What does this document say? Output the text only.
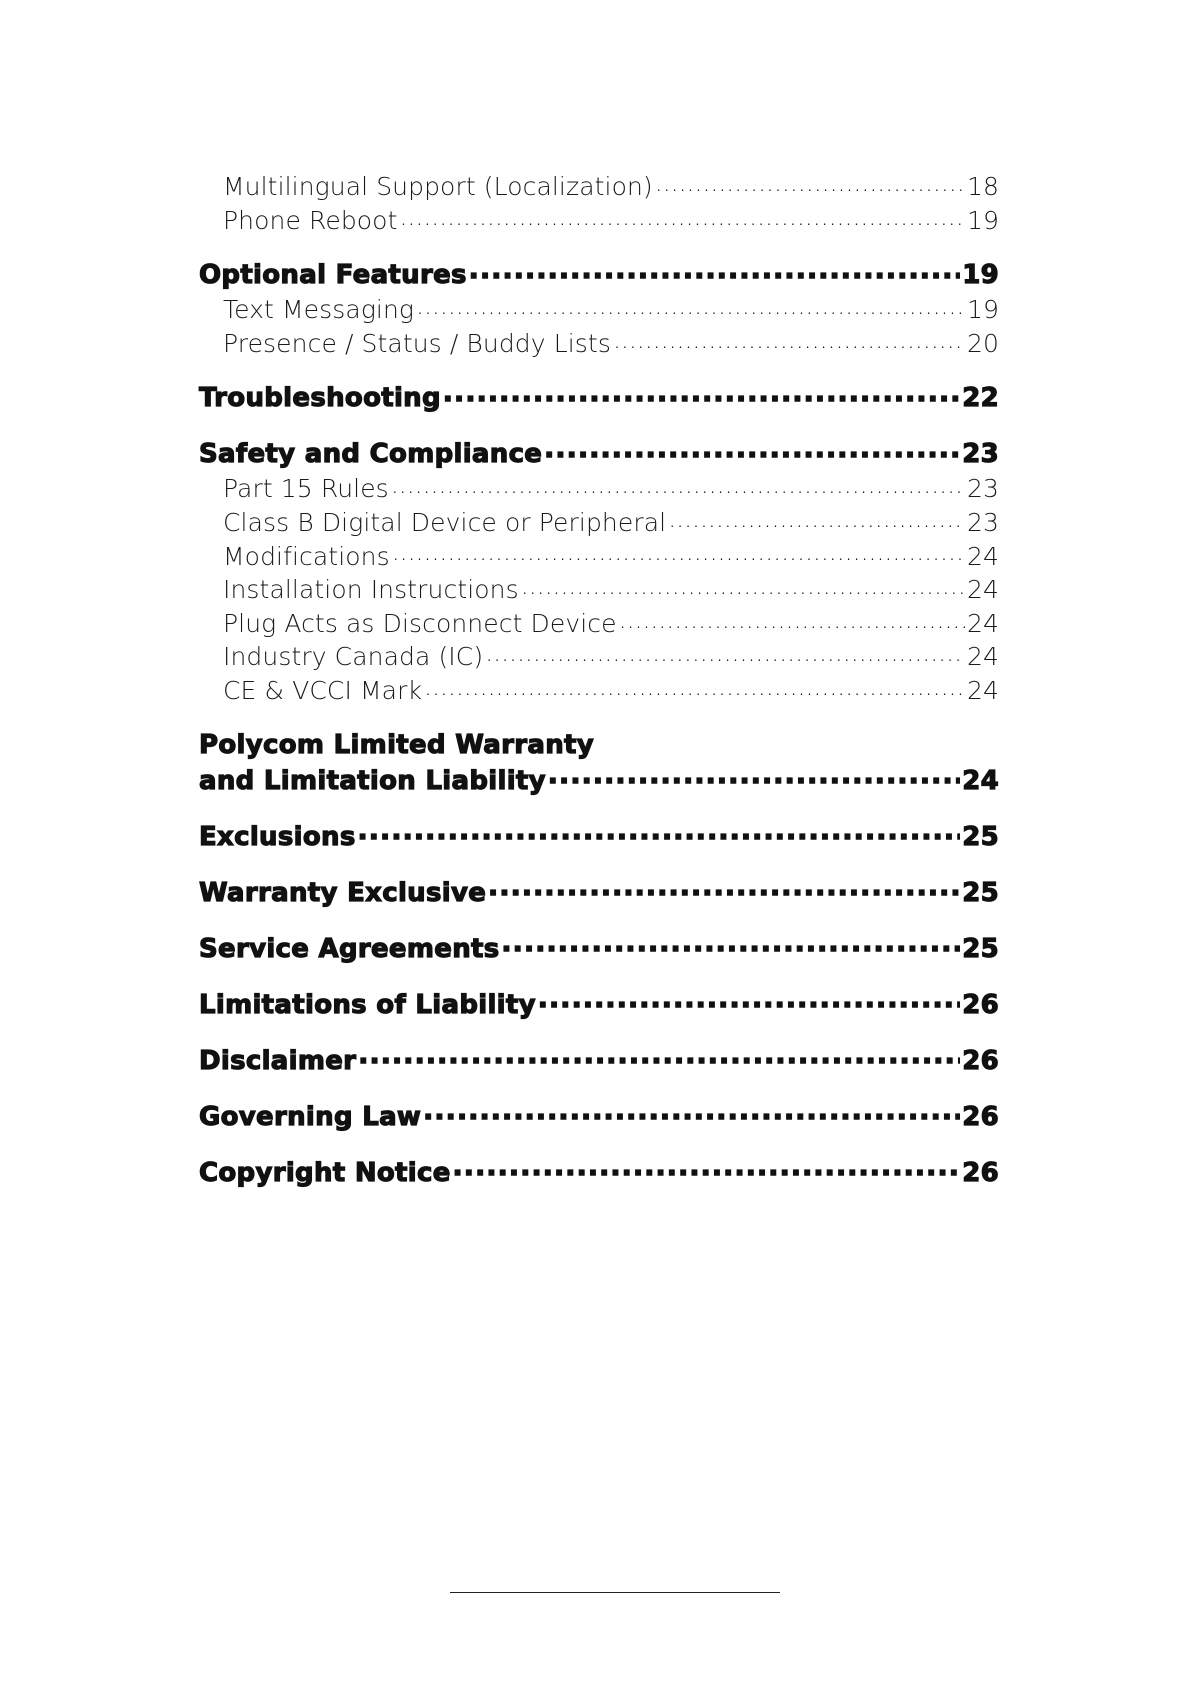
Multilingual Support (Localization) .....	18
Phone Reboot .....	19
Optional Features .....	19
Text Messaging .....	19
Presence / Status / Buddy Lists .....	20
Troubleshooting .....	22
Safety and Compliance .....	23
Part 15 Rules .....	23
Class B Digital Device or Peripheral .....	23
Modifications .....	24
Installation Instructions .....	24
Plug Acts as Disconnect Device .....	24
Industry Canada (IC) .....	24
CE & VCCI Mark .....	24
Polycom Limited Warranty
and Limitation Liability .....	24
Exclusions .....	25
Warranty Exclusive .....	25
Service Agreements .....	25
Limitations of Liability .....	26
Disclaimer .....	26
Governing Law .....	26
Copyright Notice .....	26
